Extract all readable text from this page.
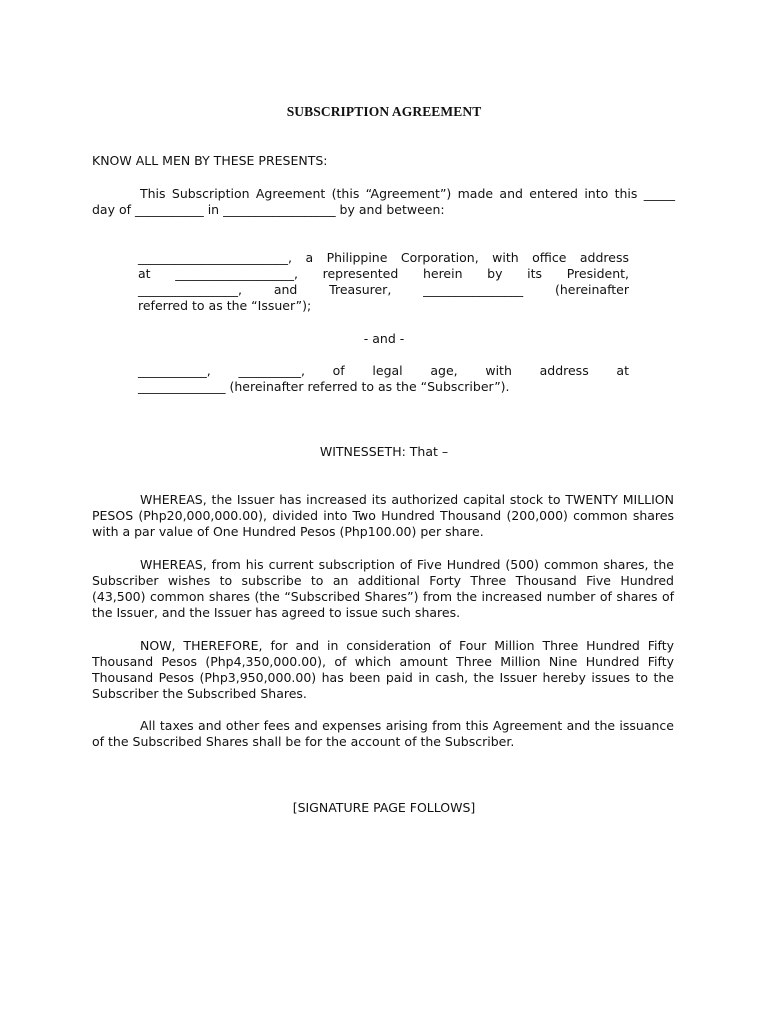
SUBSCRIPTION AGREEMENT
KNOW ALL MEN BY THESE PRESENTS:
This Subscription Agreement (this “Agreement”) made and entered into this _____
day of ___________ in __________________ by and between:
________________________, a Philippine Corporation, with office address
at ___________________, represented herein by its President,
________________, and Treasurer, ________________ (hereinafter
referred to as the “Issuer”);
- and -
___________, __________, of legal age, with address at
______________ (hereinafter referred to as the “Subscriber”).
WITNESSETH: That –
WHEREAS, the Issuer has increased its authorized capital stock to TWENTY MILLION
PESOS (Php20,000,000.00), divided into Two Hundred Thousand (200,000) common shares
with a par value of One Hundred Pesos (Php100.00) per share.
WHEREAS, from his current subscription of Five Hundred (500) common shares, the
Subscriber wishes to subscribe to an additional Forty Three Thousand Five Hundred
(43,500) common shares (the “Subscribed Shares”) from the increased number of shares of
the Issuer, and the Issuer has agreed to issue such shares.
NOW, THEREFORE, for and in consideration of Four Million Three Hundred Fifty
Thousand Pesos (Php4,350,000.00), of which amount Three Million Nine Hundred Fifty
Thousand Pesos (Php3,950,000.00) has been paid in cash, the Issuer hereby issues to the
Subscriber the Subscribed Shares.
All taxes and other fees and expenses arising from this Agreement and the issuance
of the Subscribed Shares shall be for the account of the Subscriber.
[SIGNATURE PAGE FOLLOWS]
